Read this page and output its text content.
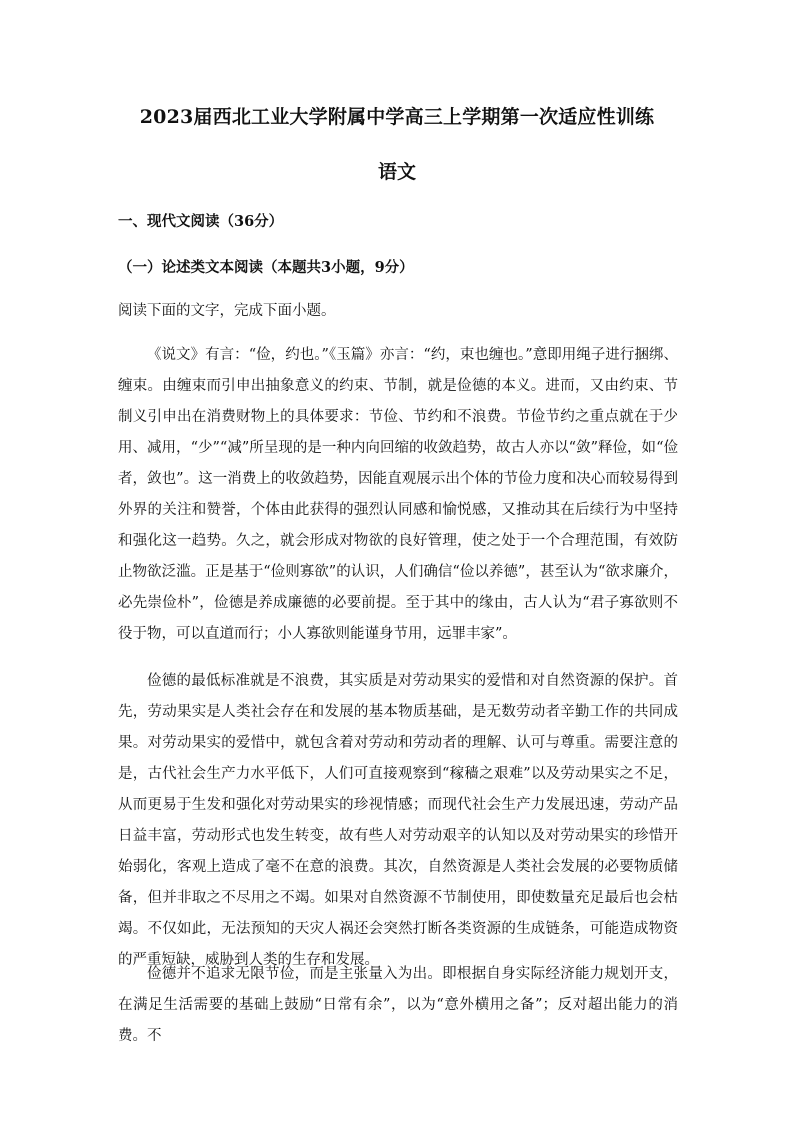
2023届西北工业大学附属中学高三上学期第一次适应性训练
语文
一、现代文阅读（36分）
（一）论述类文本阅读（本题共3小题，9分）
阅读下面的文字，完成下面小题。

《说文》有言：“俭，约也。”《玉篇》亦言：“约，束也缠也。”意即用绳子进行捆绑、缠束。由缠束而引申出抽象意义的约束、节制，就是俭德的本义。进而，又由约束、节制义引申出在消费财物上的具体要求：节俭、节约和不浪费。节俭节约之重点就在于少用、减用，“少”“减”所呈现的是一种内向回缩的收敛趋势，故古人亦以“敛”释俭，如“俭者，敛也”。这一消费上的收敛趋势，因能直观展示出个体的节俭力度和决心而较易得到外界的关注和赞誉，个体由此获得的强烈认同感和愉悦感，又推动其在后续行为中坚持和强化这一趋势。久之，就会形成对物欲的良好管理，使之处于一个合理范围，有效防止物欲泛滥。正是基于“俭则寡欲”的认识，人们确信“俭以养德”，甚至认为“欲求廉介，必先崇俭朴”，俭德是养成廉德的必要前提。至于其中的缘由，古人认为“君子寡欲则不役于物，可以直道而行；小人寡欲则能谨身节用，远罪丰家”。

俭德的最低标准就是不浪费，其实质是对劳动果实的爱惜和对自然资源的保护。首先，劳动果实是人类社会存在和发展的基本物质基础，是无数劳动者辛勤工作的共同成果。对劳动果实的爱惜中，就包含着对劳动和劳动者的理解、认可与尊重。需要注意的是，古代社会生产力水平低下，人们可直接观察到“稼穑之艰难”以及劳动果实之不足，从而更易于生发和强化对劳动果实的珍视情感；而现代社会生产力发展迅速，劳动产品日益丰富，劳动形式也发生转变，故有些人对劳动艰辛的认知以及对劳动果实的珍惜开始弱化，客观上造成了毫不在意的浪费。其次，自然资源是人类社会发展的必要物质储备，但并非取之不尽用之不竭。如果对自然资源不节制使用，即使数量充足最后也会枯竭。不仅如此，无法预知的天灾人祸还会突然打断各类资源的生成链条，可能造成物资的严重短缺，威胁到人类的生存和发展。

俭德并不追求无限节俭，而是主张量入为出。即根据自身实际经济能力规划开支，在满足生活需要的基础上鼓励“日常有余”，以为“意外横用之备”；反对超出能力的消费。不
